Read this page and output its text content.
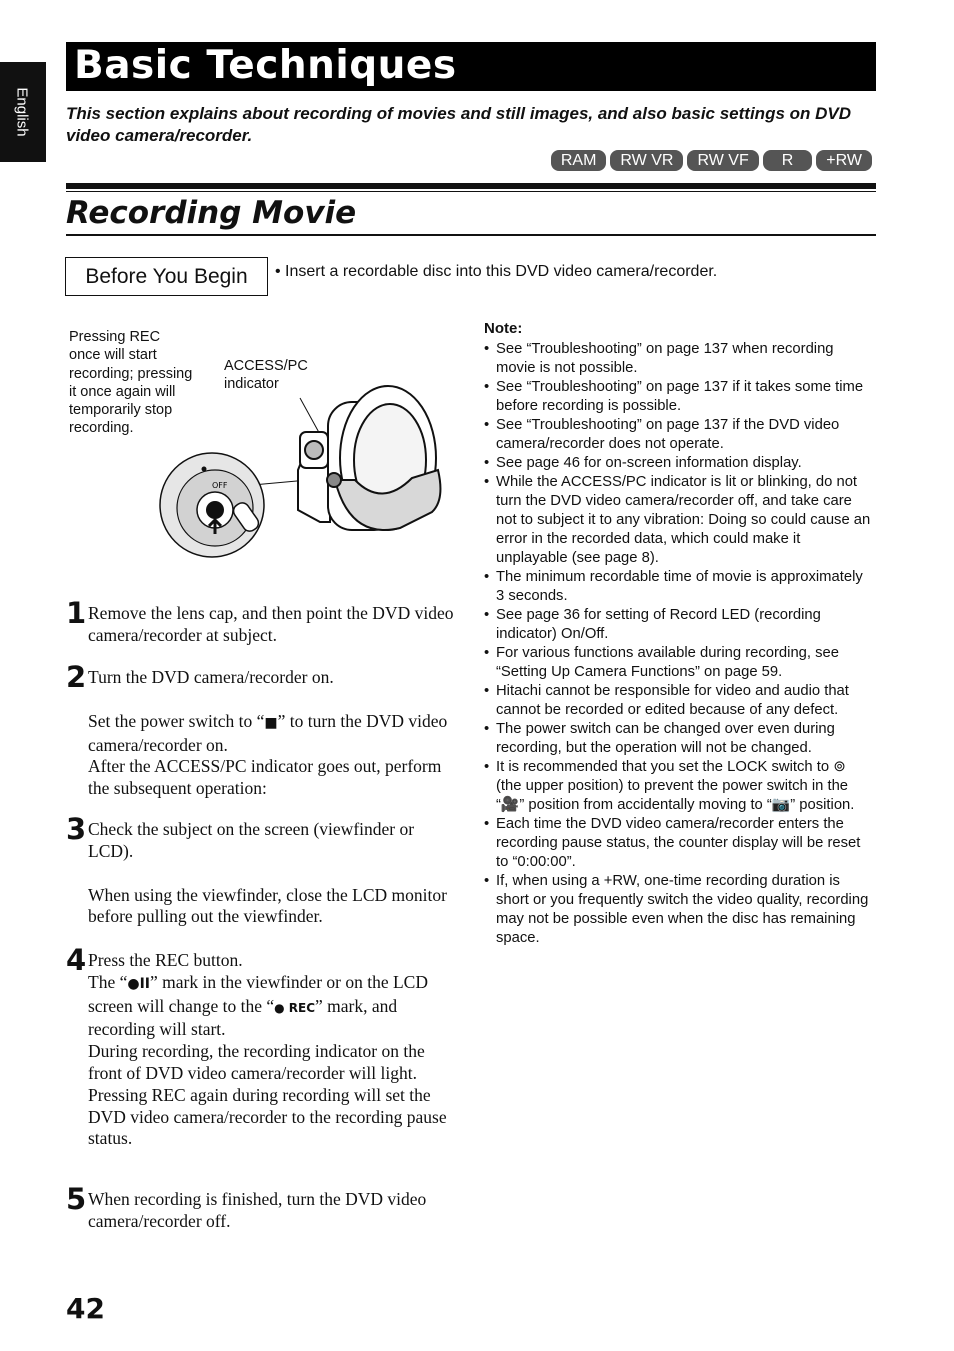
English
Basic Techniques
This section explains about recording of movies and still images, and also basic settings on DVD video camera/recorder.
RAM	RW VR	RW VF	R	+RW
Recording Movie
Before You Begin	• Insert a recordable disc into this DVD video camera/recorder.
Pressing REC once will start recording; pressing it once again will temporarily stop recording.
ACCESS/PC indicator
OFF
1 Remove the lens cap, and then point the DVD video camera/recorder at subject.

2 Turn the DVD camera/recorder on.

Set the power switch to “■” to turn the DVD video camera/recorder on.

After the ACCESS/PC indicator goes out, perform the subsequent operation:

3 Check the subject on the screen (viewfinder or LCD).

When using the viewfinder, close the LCD monitor before pulling out the viewfinder.

4 Press the REC button.

The “●II” mark in the viewfinder or on the LCD screen will change to the “● REC” mark, and recording will start.

During recording, the recording indicator on the front of DVD video camera/recorder will light.

Pressing REC again during recording will set the DVD video camera/recorder to the recording pause status.

5 When recording is finished, turn the DVD video camera/recorder off.

Note:
• See “Troubleshooting” on page 137 when recording movie is not possible.
• See “Troubleshooting” on page 137 if it takes some time before recording is possible.
• See “Troubleshooting” on page 137 if the DVD video camera/recorder does not operate.
• See page 46 for on-screen information display.
• While the ACCESS/PC indicator is lit or blinking, do not turn the DVD video camera/recorder off, and take care not to subject it to any vibration: Doing so could cause an error in the recorded data, which could make it unplayable (see page 8).
• The minimum recordable time of movie is approximately 3 seconds.
• See page 36 for setting of Record LED (recording indicator) On/Off.
• For various functions available during recording, see “Setting Up Camera Functions” on page 59.
• Hitachi cannot be responsible for video and audio that cannot be recorded or edited because of any defect.
• The power switch can be changed over even during recording, but the operation will not be changed.
• It is recommended that you set the LOCK switch to ⊚ (the upper position) to prevent the power switch in the “🎥” position from accidentally moving to “📷” position.
• Each time the DVD video camera/recorder enters the recording pause status, the counter display will be reset to “0:00:00”.
• If, when using a +RW, one-time recording duration is short or you frequently switch the video quality, recording may not be possible even when the disc has remaining space.
42
